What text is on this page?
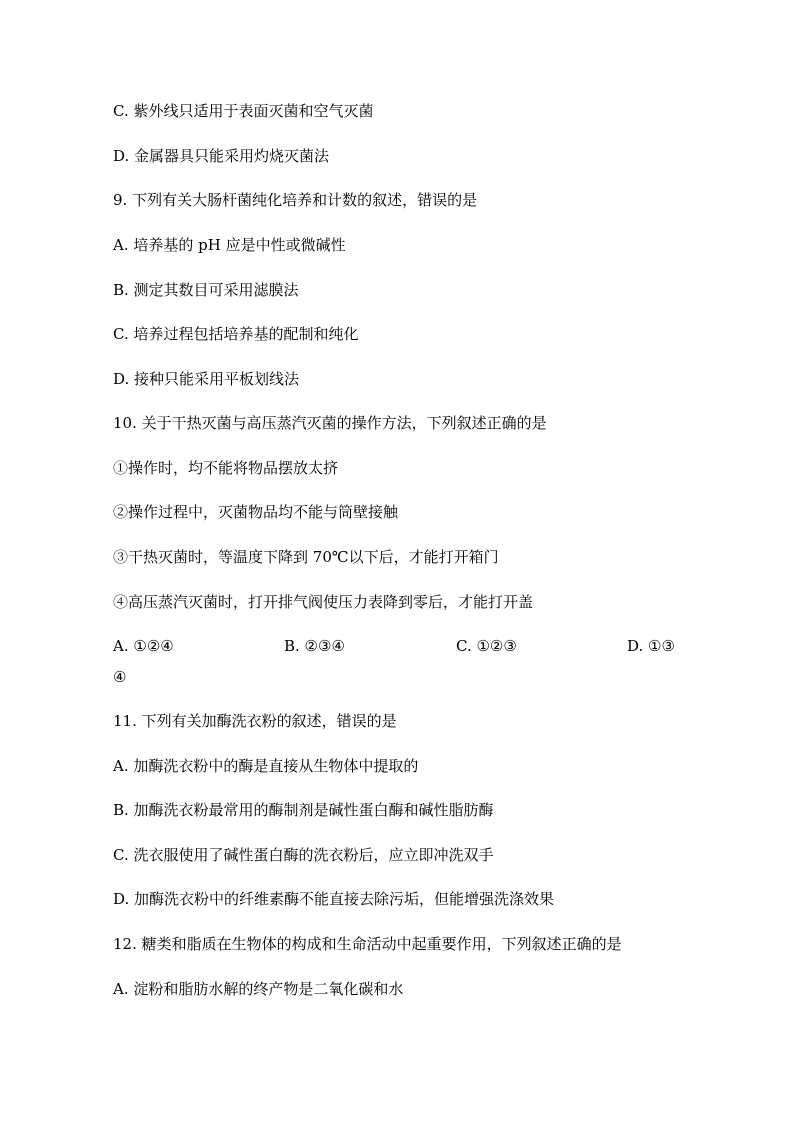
C. 紫外线只适用于表面灭菌和空气灭菌
D. 金属器具只能采用灼烧灭菌法
9. 下列有关大肠杆菌纯化培养和计数的叙述，错误的是
A. 培养基的 pH 应是中性或微碱性
B. 测定其数目可采用滤膜法
C. 培养过程包括培养基的配制和纯化
D. 接种只能采用平板划线法
10. 关于干热灭菌与高压蒸汽灭菌的操作方法，下列叙述正确的是
①操作时，均不能将物品摆放太挤
②操作过程中，灭菌物品均不能与筒壁接触
③干热灭菌时，等温度下降到 70℃以下后，才能打开箱门
④高压蒸汽灭菌时，打开排气阀使压力表降到零后，才能打开盖
A. ①②④	B. ②③④	C. ①②③	D. ①③
④
11. 下列有关加酶洗衣粉的叙述，错误的是
A. 加酶洗衣粉中的酶是直接从生物体中提取的
B. 加酶洗衣粉最常用的酶制剂是碱性蛋白酶和碱性脂肪酶
C. 洗衣服使用了碱性蛋白酶的洗衣粉后，应立即冲洗双手
D. 加酶洗衣粉中的纤维素酶不能直接去除污垢，但能增强洗涤效果
12. 糖类和脂质在生物体的构成和生命活动中起重要作用，下列叙述正确的是
A. 淀粉和脂肪水解的终产物是二氧化碳和水
